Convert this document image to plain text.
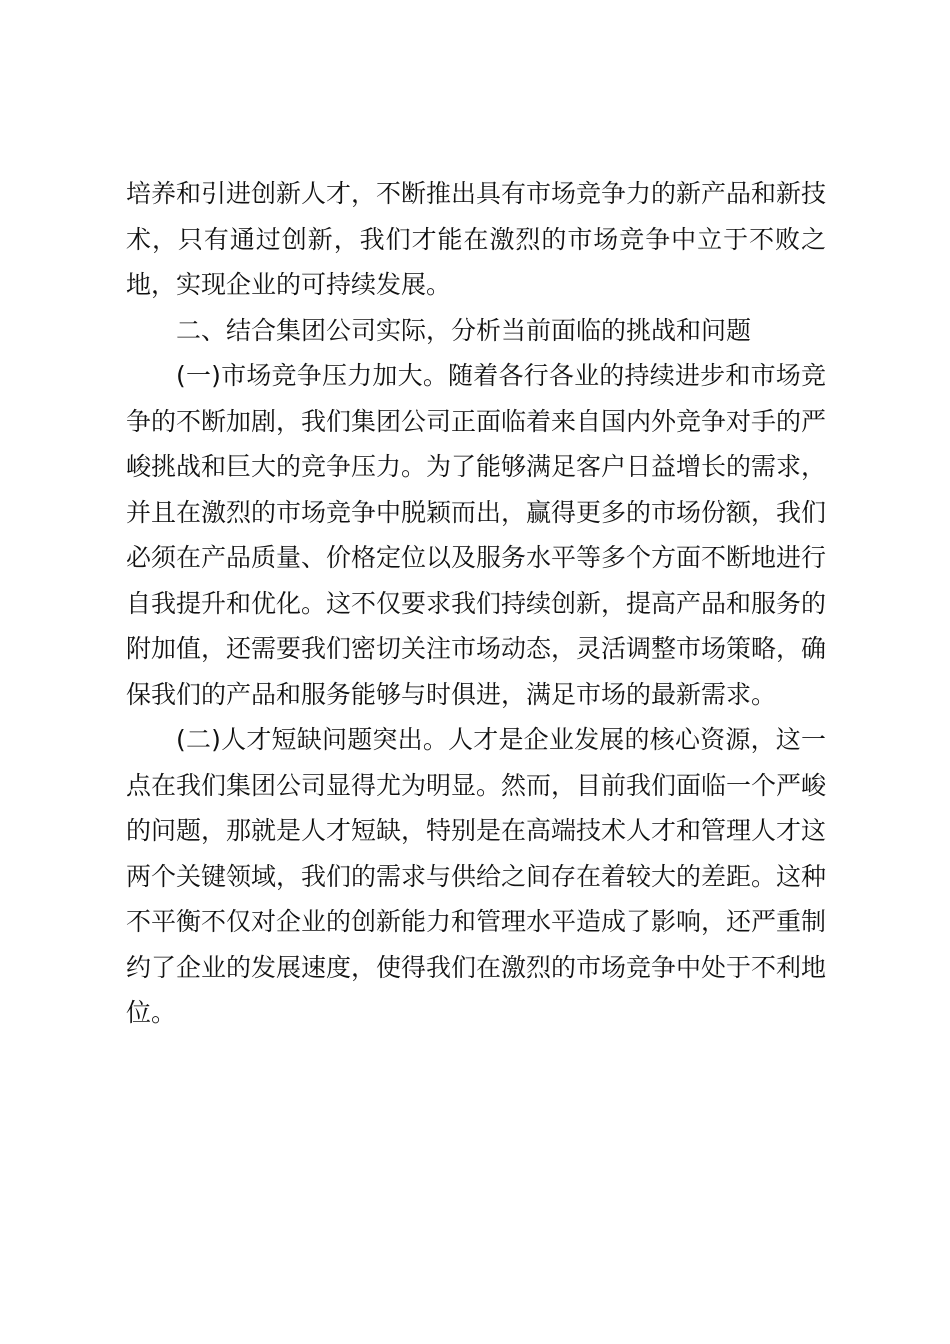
培养和引进创新人才，不断推出具有市场竞争力的新产品和新技术，只有通过创新，我们才能在激烈的市场竞争中立于不败之地，实现企业的可持续发展。

二、结合集团公司实际，分析当前面临的挑战和问题

(一)市场竞争压力加大。随着各行各业的持续进步和市场竞争的不断加剧，我们集团公司正面临着来自国内外竞争对手的严峻挑战和巨大的竞争压力。为了能够满足客户日益增长的需求，并且在激烈的市场竞争中脱颖而出，赢得更多的市场份额，我们必须在产品质量、价格定位以及服务水平等多个方面不断地进行自我提升和优化。这不仅要求我们持续创新，提高产品和服务的附加值，还需要我们密切关注市场动态，灵活调整市场策略，确保我们的产品和服务能够与时俱进，满足市场的最新需求。

(二)人才短缺问题突出。人才是企业发展的核心资源，这一点在我们集团公司显得尤为明显。然而，目前我们面临一个严峻的问题，那就是人才短缺，特别是在高端技术人才和管理人才这两个关键领域，我们的需求与供给之间存在着较大的差距。这种不平衡不仅对企业的创新能力和管理水平造成了影响，还严重制约了企业的发展速度，使得我们在激烈的市场竞争中处于不利地位。
